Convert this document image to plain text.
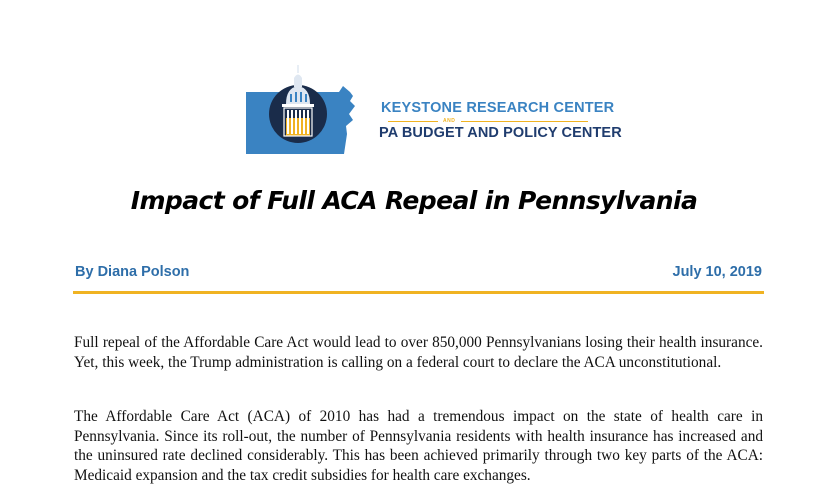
KEYSTONE RESEARCH CENTER
AND
PA BUDGET AND POLICY CENTER
Impact of Full ACA Repeal in Pennsylvania
By Diana Polson	July 10, 2019

Full repeal of the Affordable Care Act would lead to over 850,000 Pennsylvanians losing their health insurance. Yet, this week, the Trump administration is calling on a federal court to declare the ACA unconstitutional.

The Affordable Care Act (ACA) of 2010 has had a tremendous impact on the state of health care in Pennsylvania. Since its roll-out, the number of Pennsylvania residents with health insurance has increased and the uninsured rate declined considerably. This has been achieved primarily through two key parts of the ACA: Medicaid expansion and the tax credit subsidies for health care exchanges.
